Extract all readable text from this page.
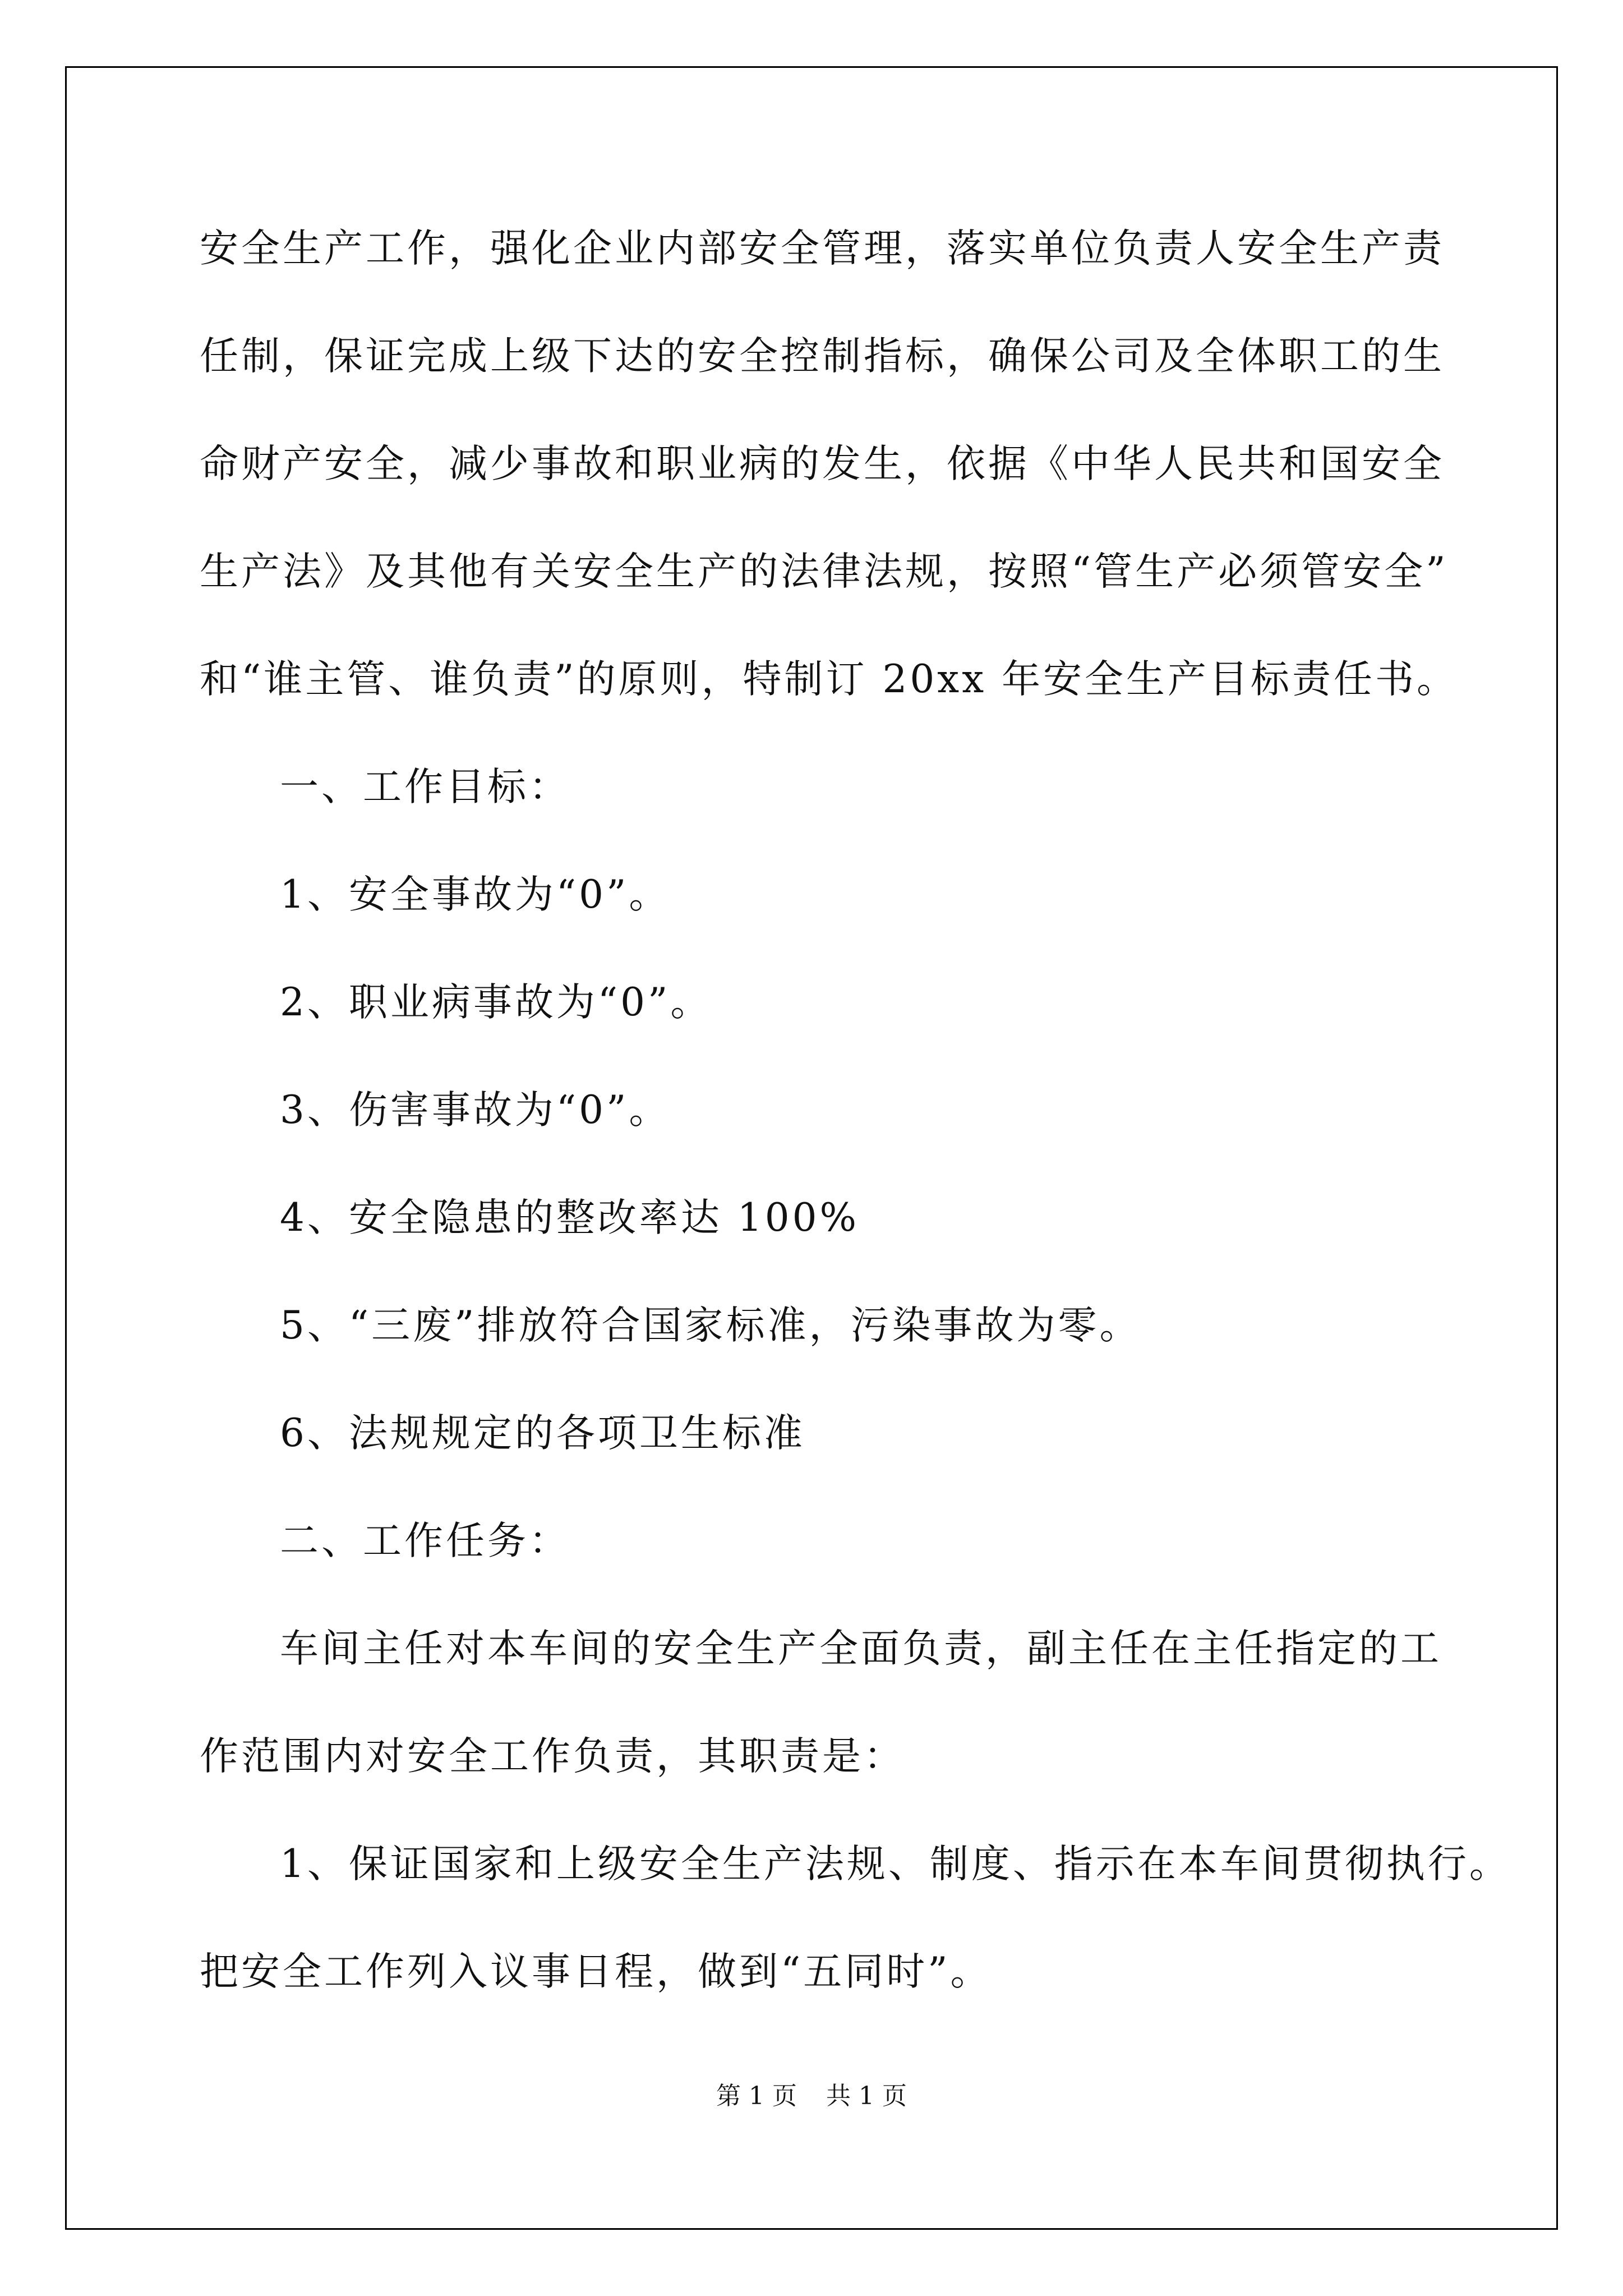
安全生产工作，强化企业内部安全管理，落实单位负责人安全生产责
任制，保证完成上级下达的安全控制指标，确保公司及全体职工的生
命财产安全，减少事故和职业病的发生，依据《中华人民共和国安全
生产法》及其他有关安全生产的法律法规，按照“管生产必须管安全”
和“谁主管、谁负责”的原则，特制订 20xx 年安全生产目标责任书。
一、工作目标：
1、安全事故为“0”。
2、职业病事故为“0”。
3、伤害事故为“0”。
4、安全隐患的整改率达 100%
5、“三废”排放符合国家标准，污染事故为零。
6、法规规定的各项卫生标准
二、工作任务：
车间主任对本车间的安全生产全面负责，副主任在主任指定的工
作范围内对安全工作负责，其职责是：
1、保证国家和上级安全生产法规、制度、指示在本车间贯彻执行。
把安全工作列入议事日程，做到“五同时”。
第 1 页 共 1 页
